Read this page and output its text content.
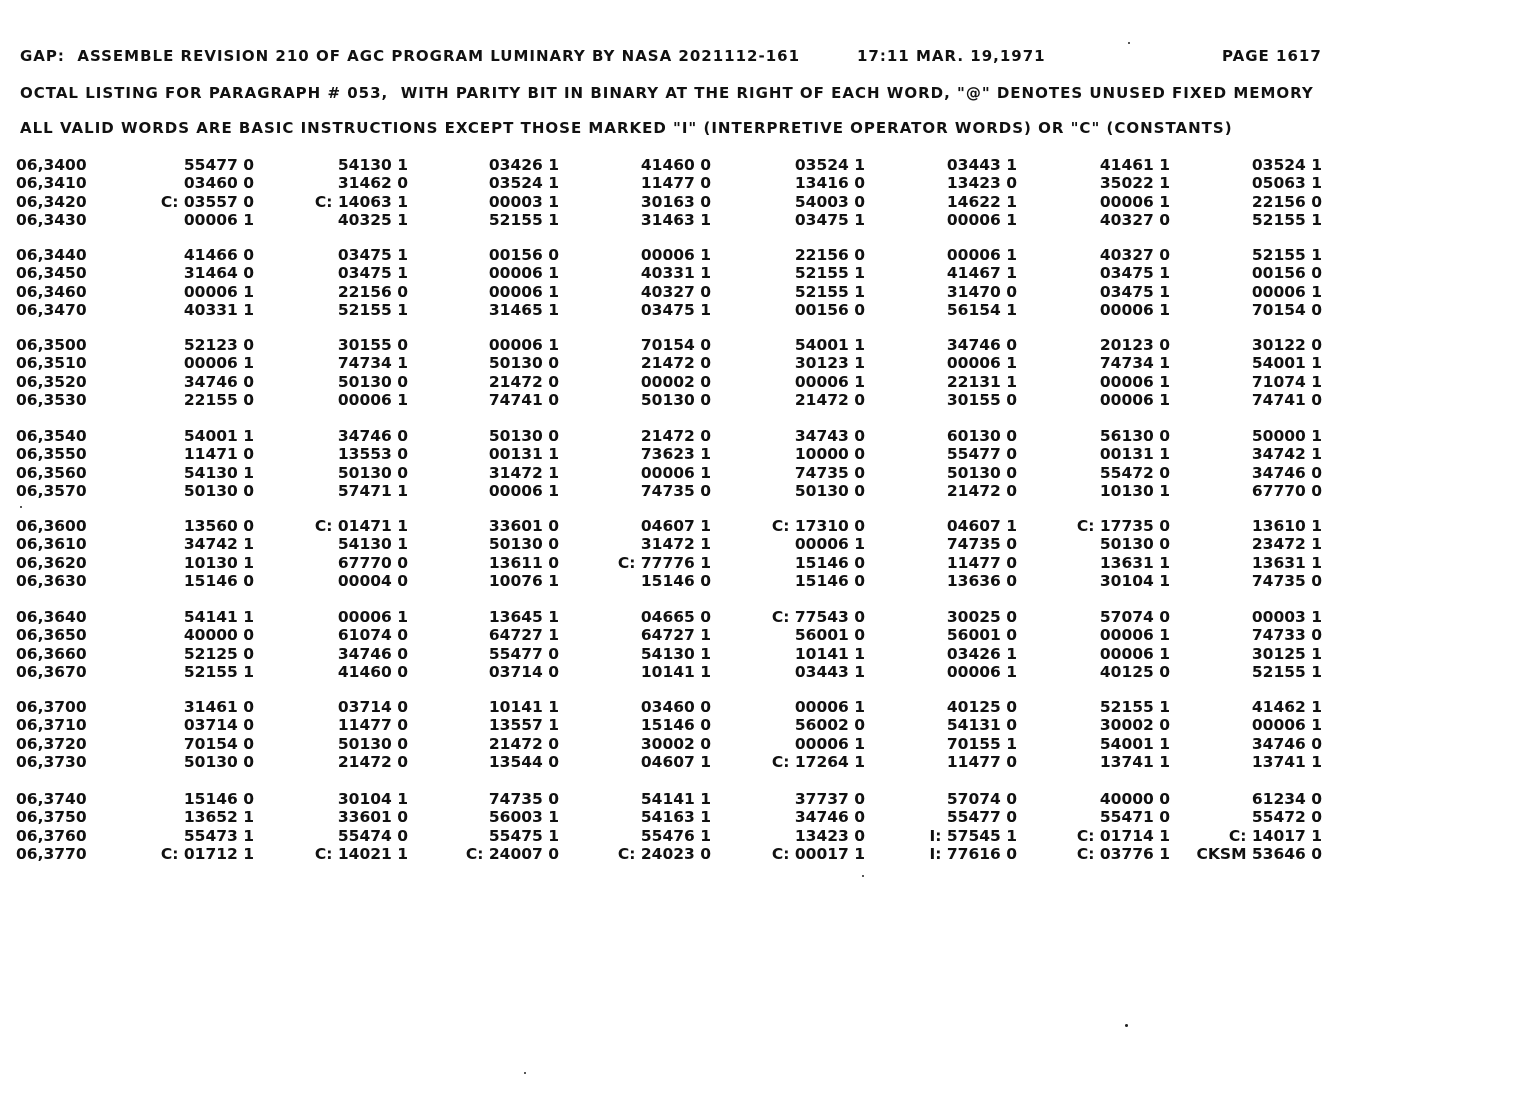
GAP:  ASSEMBLE REVISION 210 OF AGC PROGRAM LUMINARY BY NASA 2021112-161

	17:11 MAR. 19,1971

	PAGE 1617

OCTAL LISTING FOR PARAGRAPH # 053,  WITH PARITY BIT IN BINARY AT THE RIGHT OF EACH WORD, "@" DENOTES UNUSED FIXED MEMORY
ALL VALID WORDS ARE BASIC INSTRUCTIONS EXCEPT THOSE MARKED "I" (INTERPRETIVE OPERATOR WORDS) OR "C" (CONSTANTS)
06,3400	55477 0	54130 1	03426 1	41460 0	03524 1	03443 1	41461 1	03524 1
06,3410	03460 0	31462 0	03524 1	11477 0	13416 0	13423 0	35022 1	05063 1
06,3420	C: 03557 0	C: 14063 1	00003 1	30163 0	54003 0	14622 1	00006 1	22156 0
06,3430	00006 1	40325 1	52155 1	31463 1	03475 1	00006 1	40327 0	52155 1
06,3440	41466 0	03475 1	00156 0	00006 1	22156 0	00006 1	40327 0	52155 1
06,3450	31464 0	03475 1	00006 1	40331 1	52155 1	41467 1	03475 1	00156 0
06,3460	00006 1	22156 0	00006 1	40327 0	52155 1	31470 0	03475 1	00006 1
06,3470	40331 1	52155 1	31465 1	03475 1	00156 0	56154 1	00006 1	70154 0
06,3500	52123 0	30155 0	00006 1	70154 0	54001 1	34746 0	20123 0	30122 0
06,3510	00006 1	74734 1	50130 0	21472 0	30123 1	00006 1	74734 1	54001 1
06,3520	34746 0	50130 0	21472 0	00002 0	00006 1	22131 1	00006 1	71074 1
06,3530	22155 0	00006 1	74741 0	50130 0	21472 0	30155 0	00006 1	74741 0
06,3540	54001 1	34746 0	50130 0	21472 0	34743 0	60130 0	56130 0	50000 1
06,3550	11471 0	13553 0	00131 1	73623 1	10000 0	55477 0	00131 1	34742 1
06,3560	54130 1	50130 0	31472 1	00006 1	74735 0	50130 0	55472 0	34746 0
06,3570	50130 0	57471 1	00006 1	74735 0	50130 0	21472 0	10130 1	67770 0
06,3600	13560 0	C: 01471 1	33601 0	04607 1	C: 17310 0	04607 1	C: 17735 0	13610 1
06,3610	34742 1	54130 1	50130 0	31472 1	00006 1	74735 0	50130 0	23472 1
06,3620	10130 1	67770 0	13611 0	C: 77776 1	15146 0	11477 0	13631 1	13631 1
06,3630	15146 0	00004 0	10076 1	15146 0	15146 0	13636 0	30104 1	74735 0
06,3640	54141 1	00006 1	13645 1	04665 0	C: 77543 0	30025 0	57074 0	00003 1
06,3650	40000 0	61074 0	64727 1	64727 1	56001 0	56001 0	00006 1	74733 0
06,3660	52125 0	34746 0	55477 0	54130 1	10141 1	03426 1	00006 1	30125 1
06,3670	52155 1	41460 0	03714 0	10141 1	03443 1	00006 1	40125 0	52155 1
06,3700	31461 0	03714 0	10141 1	03460 0	00006 1	40125 0	52155 1	41462 1
06,3710	03714 0	11477 0	13557 1	15146 0	56002 0	54131 0	30002 0	00006 1
06,3720	70154 0	50130 0	21472 0	30002 0	00006 1	70155 1	54001 1	34746 0
06,3730	50130 0	21472 0	13544 0	04607 1	C: 17264 1	11477 0	13741 1	13741 1
06,3740	15146 0	30104 1	74735 0	54141 1	37737 0	57074 0	40000 0	61234 0
06,3750	13652 1	33601 0	56003 1	54163 1	34746 0	55477 0	55471 0	55472 0
06,3760	55473 1	55474 0	55475 1	55476 1	13423 0	I: 57545 1	C: 01714 1	C: 14017 1
06,3770	C: 01712 1	C: 14021 1	C: 24007 0	C: 24023 0	C: 00017 1	I: 77616 0	C: 03776 1	CKSM 53646 0
